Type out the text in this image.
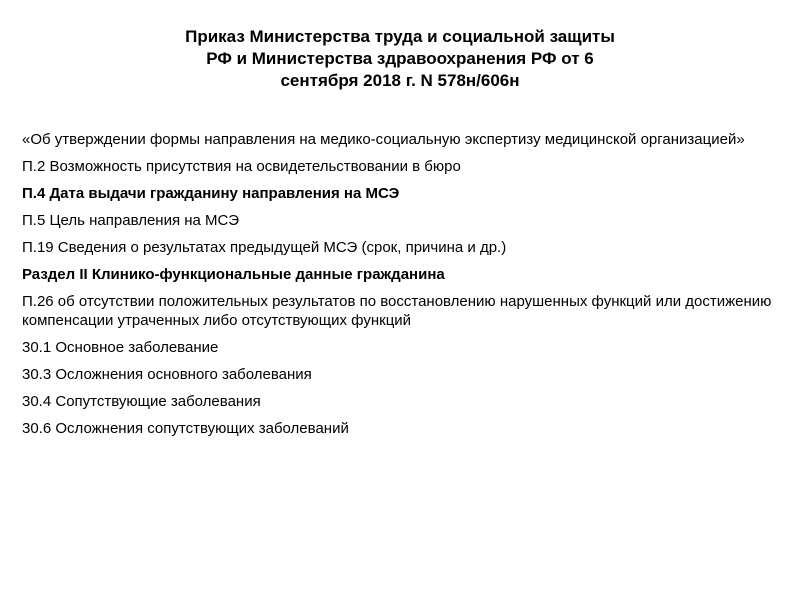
Приказ Министерства труда и социальной защиты
РФ и Министерства здравоохранения РФ от 6
сентября 2018 г. N 578н/606н
«Об утверждении формы направления на медико-социальную экспертизу медицинской организацией»
П.2 Возможность присутствия на освидетельствовании в бюро
П.4 Дата выдачи гражданину направления на МСЭ
П.5 Цель направления на МСЭ
П.19 Сведения о результатах предыдущей МСЭ (срок, причина и др.)
Раздел II Клинико-функциональные данные гражданина
П.26 об отсутствии положительных результатов по восстановлению нарушенных функций или достижению компенсации утраченных либо отсутствующих функций
30.1 Основное заболевание
30.3 Осложнения основного заболевания
30.4 Сопутствующие заболевания
30.6 Осложнения сопутствующих заболеваний
